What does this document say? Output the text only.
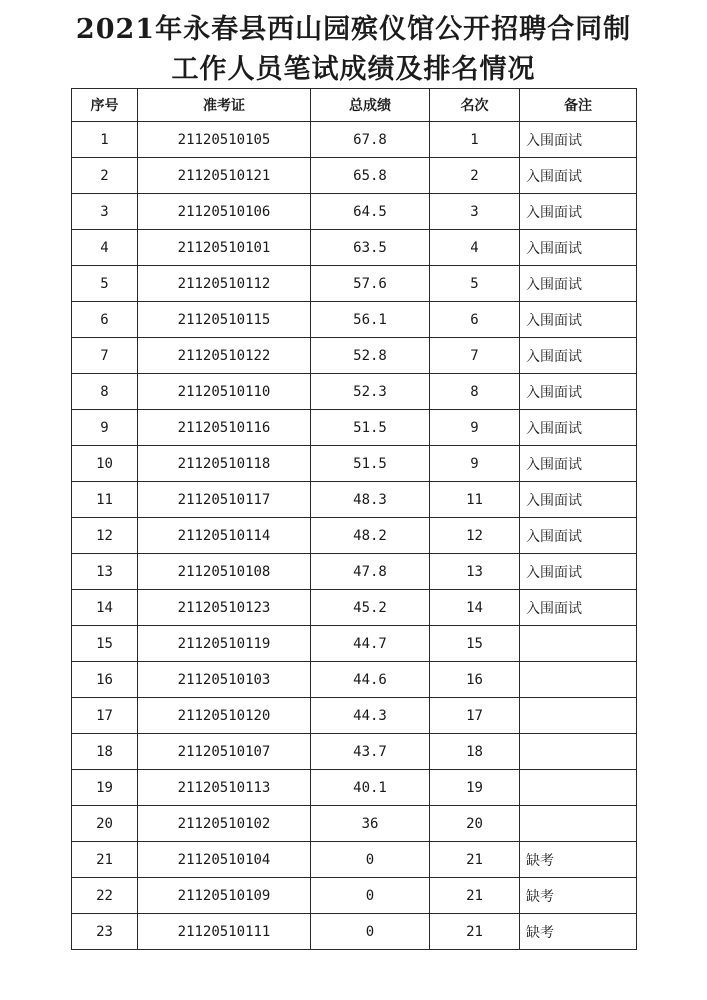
2021年永春县西山园殡仪馆公开招聘合同制
工作人员笔试成绩及排名情况
序号	准考证	总成绩	名次	备注
1	21120510105	67.8	1	入围面试
2	21120510121	65.8	2	入围面试
3	21120510106	64.5	3	入围面试
4	21120510101	63.5	4	入围面试
5	21120510112	57.6	5	入围面试
6	21120510115	56.1	6	入围面试
7	21120510122	52.8	7	入围面试
8	21120510110	52.3	8	入围面试
9	21120510116	51.5	9	入围面试
10	21120510118	51.5	9	入围面试
11	21120510117	48.3	11	入围面试
12	21120510114	48.2	12	入围面试
13	21120510108	47.8	13	入围面试
14	21120510123	45.2	14	入围面试
15	21120510119	44.7	15	
16	21120510103	44.6	16	
17	21120510120	44.3	17	
18	21120510107	43.7	18	
19	21120510113	40.1	19	
20	21120510102	36	20	
21	21120510104	0	21	缺考
22	21120510109	0	21	缺考
23	21120510111	0	21	缺考
